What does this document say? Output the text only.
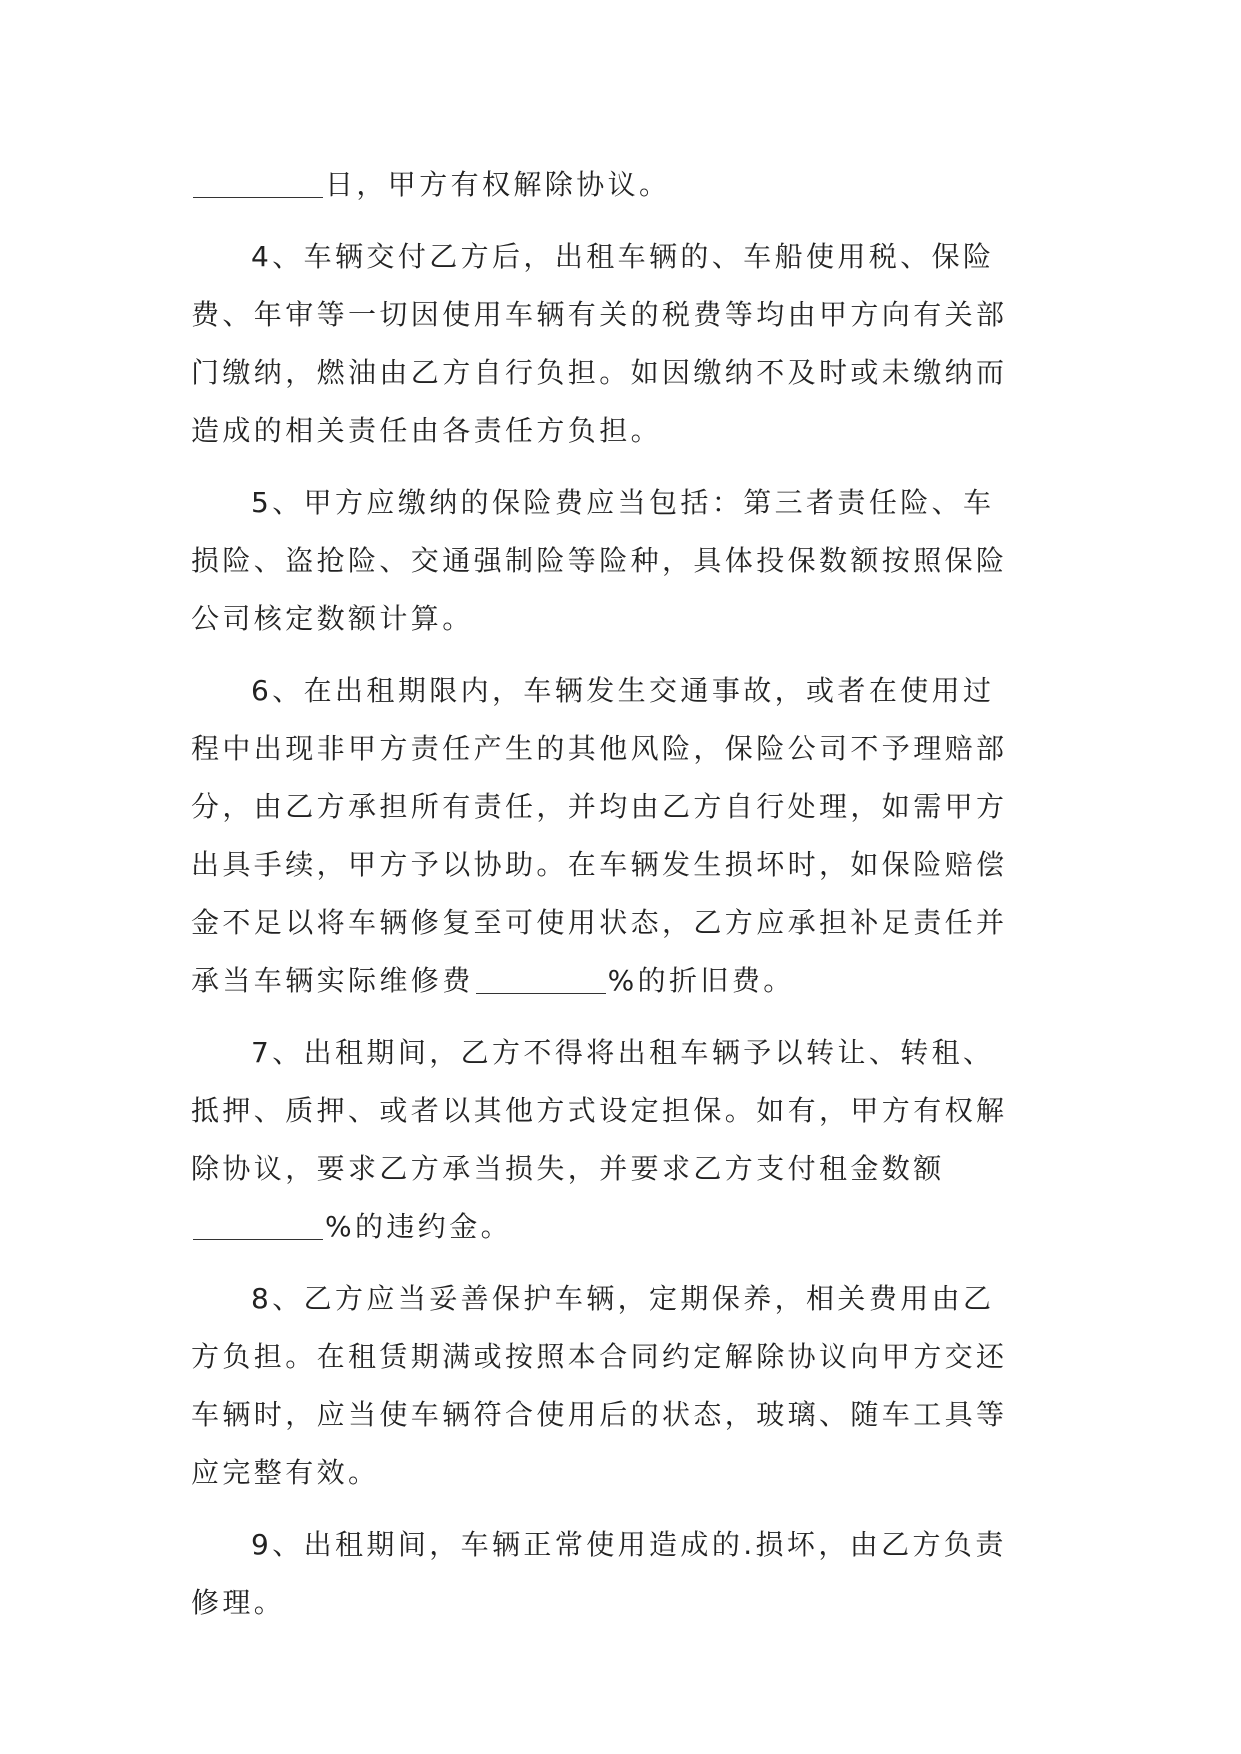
日，甲方有权解除协议。
4、车辆交付乙方后，出租车辆的、车船使用税、保险
费、年审等一切因使用车辆有关的税费等均由甲方向有关部
门缴纳，燃油由乙方自行负担。如因缴纳不及时或未缴纳而
造成的相关责任由各责任方负担。
5、甲方应缴纳的保险费应当包括：第三者责任险、车
损险、盗抢险、交通强制险等险种，具体投保数额按照保险
公司核定数额计算。
6、在出租期限内，车辆发生交通事故，或者在使用过
程中出现非甲方责任产生的其他风险，保险公司不予理赔部
分，由乙方承担所有责任，并均由乙方自行处理，如需甲方
出具手续，甲方予以协助。在车辆发生损坏时，如保险赔偿
金不足以将车辆修复至可使用状态，乙方应承担补足责任并
承当车辆实际维修费	%的折旧费。
7、出租期间，乙方不得将出租车辆予以转让、转租、
抵押、质押、或者以其他方式设定担保。如有，甲方有权解
除协议，要求乙方承当损失，并要求乙方支付租金数额
%的违约金。
8、乙方应当妥善保护车辆，定期保养，相关费用由乙
方负担。在租赁期满或按照本合同约定解除协议向甲方交还
车辆时，应当使车辆符合使用后的状态，玻璃、随车工具等
应完整有效。
9、出租期间，车辆正常使用造成的.损坏，由乙方负责
修理。
